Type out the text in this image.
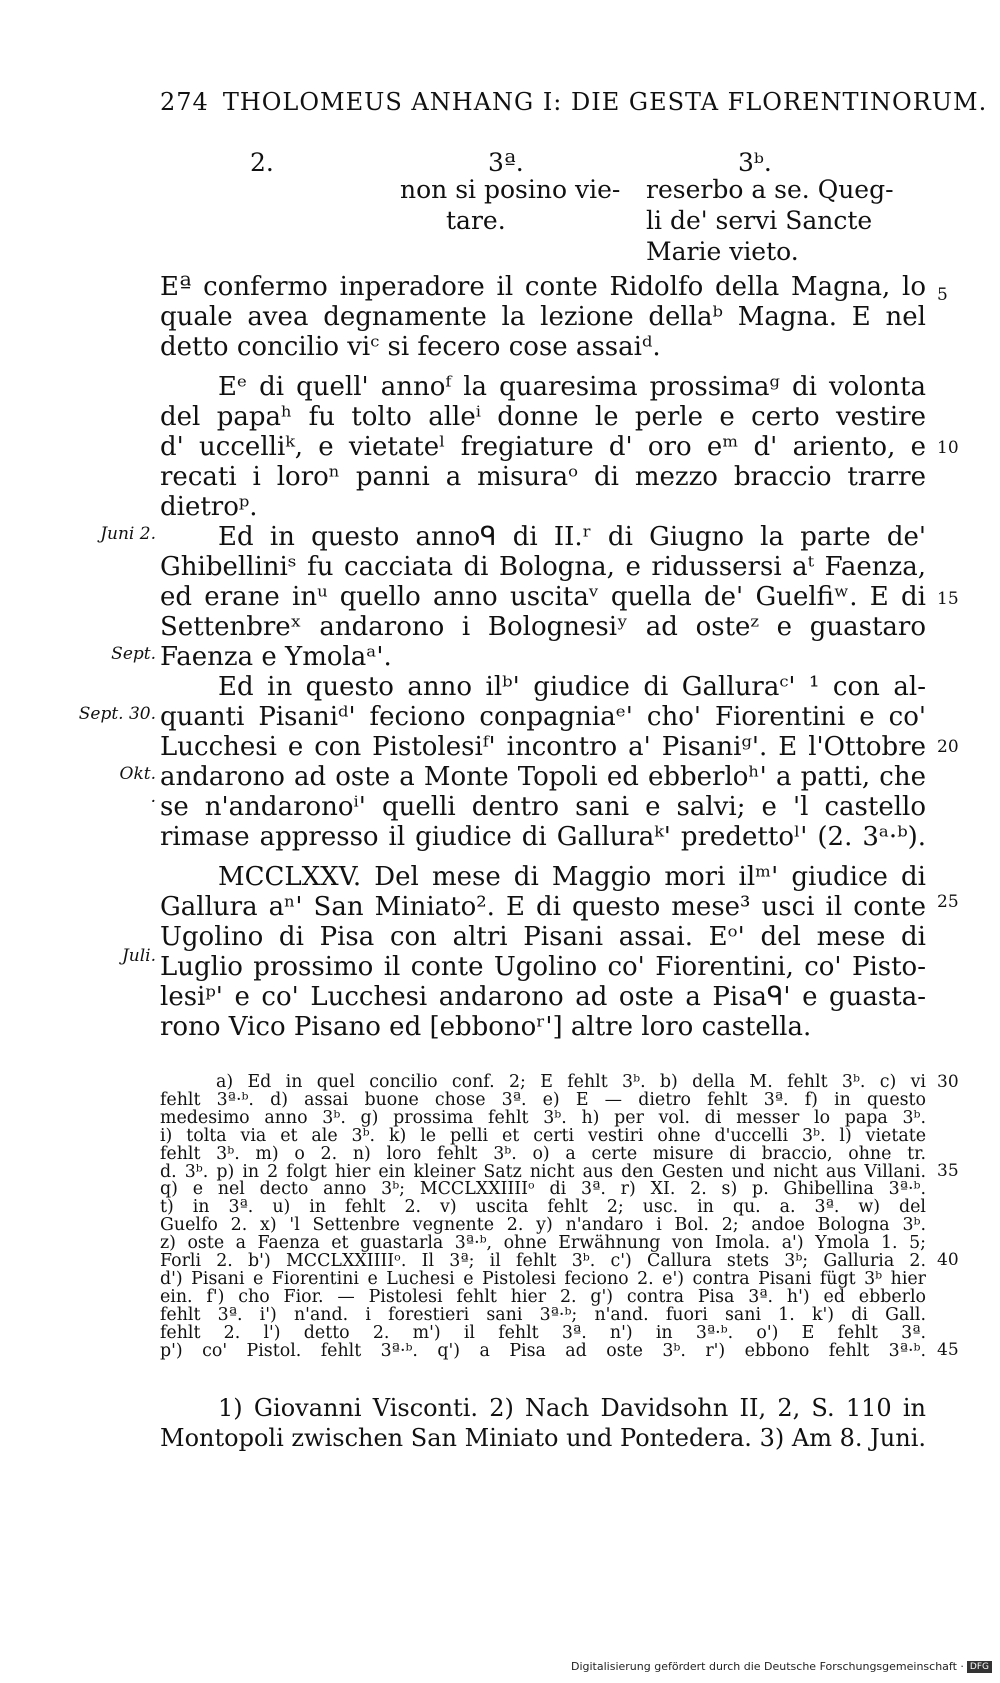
274 THOLOMEUS ANHANG I: DIE GESTA FLORENTINORUM.
2.	3ª.	3ᵇ.
non si posino vie-
tare.
reserbo a se. Queg-
li de' servi Sancte
Marie vieto.

Eª confermo inperadore il conte Ridolfo della Magna, lo
quale avea degnamente la lezione dellaᵇ Magna. E nel
detto concilio viᶜ si fecero cose assaiᵈ.

Eᵉ di quell' annoᶠ la quaresima prossimaᵍ di volonta
del papaʰ fu tolto alleⁱ donne le perle e certo vestire
d' uccelliᵏ, e vietateˡ fregiature d' oro eᵐ d' ariento, e
recati i loroⁿ panni a misuraᵒ di mezzo braccio trarre
dietroᵖ.

Ed in questo annoᑫ di II.ʳ di Giugno la parte de'
Ghibelliniˢ fu cacciata di Bologna, e ridussersi aᵗ Faenza,
ed erane inᵘ quello anno uscitaᵛ quella de' Guelfiʷ. E di
Settenbreˣ andarono i Bolognesiʸ ad osteᶻ e guastaro
Faenza e Ymolaᵃ'.

Ed in questo anno ilᵇ' giudice di Galluraᶜ' ¹ con al-
quanti Pisaniᵈ' feciono conpagniaᵉ' cho' Fiorentini e co'
Lucchesi e con Pistolesiᶠ' incontro a' Pisaniᵍ'. E l'Ottobre
andarono ad oste a Monte Topoli ed ebberloʰ' a patti, che
se n'andaronoⁱ' quelli dentro sani e salvi; e 'l castello
rimase appresso il giudice di Galluraᵏ' predettoˡ' (2. 3ᵃ·ᵇ).

MCCLXXV. Del mese di Maggio mori ilᵐ' giudice di
Gallura aⁿ' San Miniato². E di questo mese³ usci il conte
Ugolino di Pisa con altri Pisani assai. Eᵒ' del mese di
Luglio prossimo il conte Ugolino co' Fiorentini, co' Pisto-
lesiᵖ' e co' Lucchesi andarono ad oste a Pisaᑫ' e guasta-
rono Vico Pisano ed [ebbonoʳ'] altre loro castella.

Juni 2.
Sept.
Sept. 30.
Okt.
·
Juli.
5
10
15
20
25
a) Ed in quel concilio conf. 2; E fehlt 3ᵇ. b) della M. fehlt 3ᵇ. c) vi
fehlt 3ª·ᵇ. d) assai buone chose 3ª. e) E — dietro fehlt 3ª. f) in questo
medesimo anno 3ᵇ. g) prossima fehlt 3ᵇ. h) per vol. di messer lo papa 3ᵇ.
i) tolta via et ale 3ᵇ. k) le pelli et certi vestiri ohne d'uccelli 3ᵇ. l) vietate
fehlt 3ᵇ. m) o 2. n) loro fehlt 3ᵇ. o) a certe misure di braccio, ohne tr.
d. 3ᵇ. p) in 2 folgt hier ein kleiner Satz nicht aus den Gesten und nicht aus Villani.
q) e nel decto anno 3ᵇ; MCCLXXIIIIᵒ di 3ª. r) XI. 2. s) p. Ghibellina 3ª·ᵇ.
t) in 3ª. u) in fehlt 2. v) uscita fehlt 2; usc. in qu. a. 3ª. w) del
Guelfo 2. x) 'l Settenbre vegnente 2. y) n'andaro i Bol. 2; andoe Bologna 3ᵇ.
z) oste a Faenza et guastarla 3ª·ᵇ, ohne Erwähnung von Imola. a') Ymola 1. 5;
Forli 2. b') MCCLXXIIIIᵒ. Il 3ª; il fehlt 3ᵇ. c') Callura stets 3ᵇ; Galluria 2.
d') Pisani e Fiorentini e Luchesi e Pistolesi feciono 2. e') contra Pisani fügt 3ᵇ hier
ein. f') cho Fior. — Pistolesi fehlt hier 2. g') contra Pisa 3ª. h') ed ebberlo
fehlt 3ª. i') n'and. i forestieri sani 3ª·ᵇ; n'and. fuori sani 1. k') di Gall.
fehlt 2. l') detto 2. m') il fehlt 3ª. n') in 3ª·ᵇ. o') E fehlt 3ª.
p') co' Pistol. fehlt 3ª·ᵇ. q') a Pisa ad oste 3ᵇ. r') ebbono fehlt 3ª·ᵇ.
30
35
40
45
1) Giovanni Visconti. 2) Nach Davidsohn II, 2, S. 110 in
Montopoli zwischen San Miniato und Pontedera. 3) Am 8. Juni.
Digitalisierung gefördert durch die Deutsche Forschungsgemeinschaft · DFG
